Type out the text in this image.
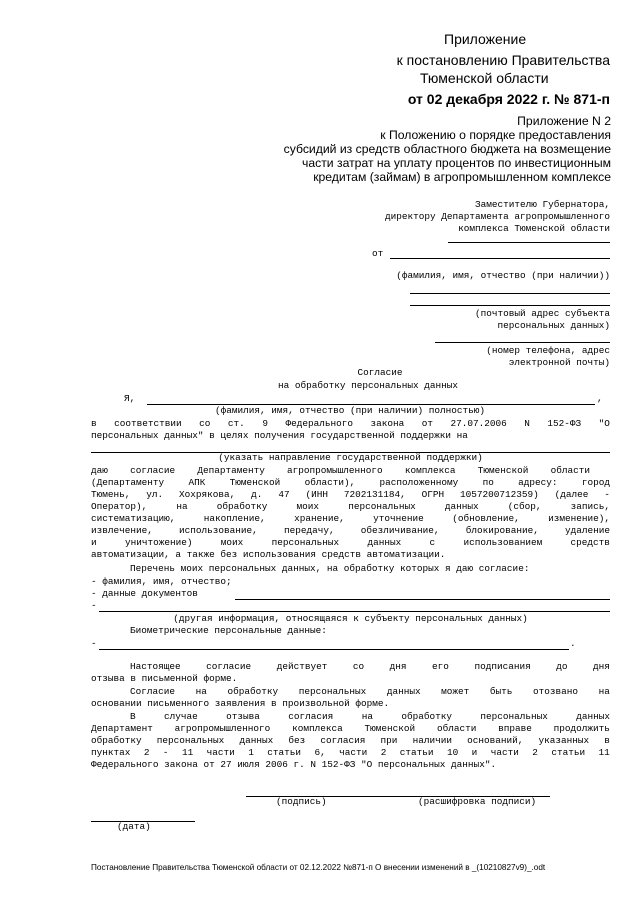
Приложение
к постановлению Правительства
Тюменской области
от 02 декабря 2022 г. № 871-п
Приложение N 2
к Положению о порядке предоставления
субсидий из средств областного бюджета на возмещение
части затрат на уплату процентов по инвестиционным
кредитам (займам) в агропромышленном комплексе
Заместителю Губернатора,
директору Департамента агропромышленного
комплекса Тюменской области
от
(фамилия, имя, отчество (при наличии))
(почтовый адрес субъекта
персональных данных)
(номер телефона, адрес
электронной почты)
Согласие
на обработку персональных данных
Я,	,
(фамилия, имя, отчество (при наличии) полностью)
в соответствии со ст. 9 Федерального закона от 27.07.2006 N 152-ФЗ "О
персональных данных" в целях получения государственной поддержки на
(указать направление государственной поддержки)
даю согласие Департаменту агропромышленного комплекса Тюменской области
(Департаменту	АПК	Тюменской	области),	расположенному	по	адресу:	город
Тюмень, ул. Хохрякова, д. 47 (ИНН 7202131184, ОГРН 1057200712359) (далее -
Оператор),	на	обработку	моих	персональных	данных	(сбор,	запись,
систематизацию,	накопление,	хранение,	уточнение	(обновление,	изменение),
извлечение,	использование,	передачу,	обезличивание,	блокирование,	удаление
и	уничтожение)	моих	персональных	данных	с	использованием	средств
автоматизации, а также без использования средств автоматизации.
Перечень моих персональных данных, на обработку которых я даю согласие:
- фамилия, имя, отчество;
- данные документов
-
(другая информация, относящаяся к субъекту персональных данных)
Биометрические персональные данные:
-	.
Настоящее	согласие	действует	со	дня	его	подписания	до	дня
отзыва в письменной форме.
Согласие на обработку персональных данных может быть отозвано на
основании письменного заявления в произвольной форме.
В	случае	отзыва	согласия	на	обработку	персональных	данных
Департамент агропромышленного комплекса Тюменской области вправе продолжить
обработку персональных данных без согласия при наличии оснований, указанных в
пунктах 2 - 11 части 1 статьи 6, части 2 статьи 10 и части 2 статьи 11
Федерального закона от 27 июля 2006 г. N 152-ФЗ "О персональных данных".
(подпись)	(расшифровка подписи)
(дата)
Постановление Правительства Тюменской области от 02.12.2022 №871-п О внесении изменений в _(10210827v9)_.odt
